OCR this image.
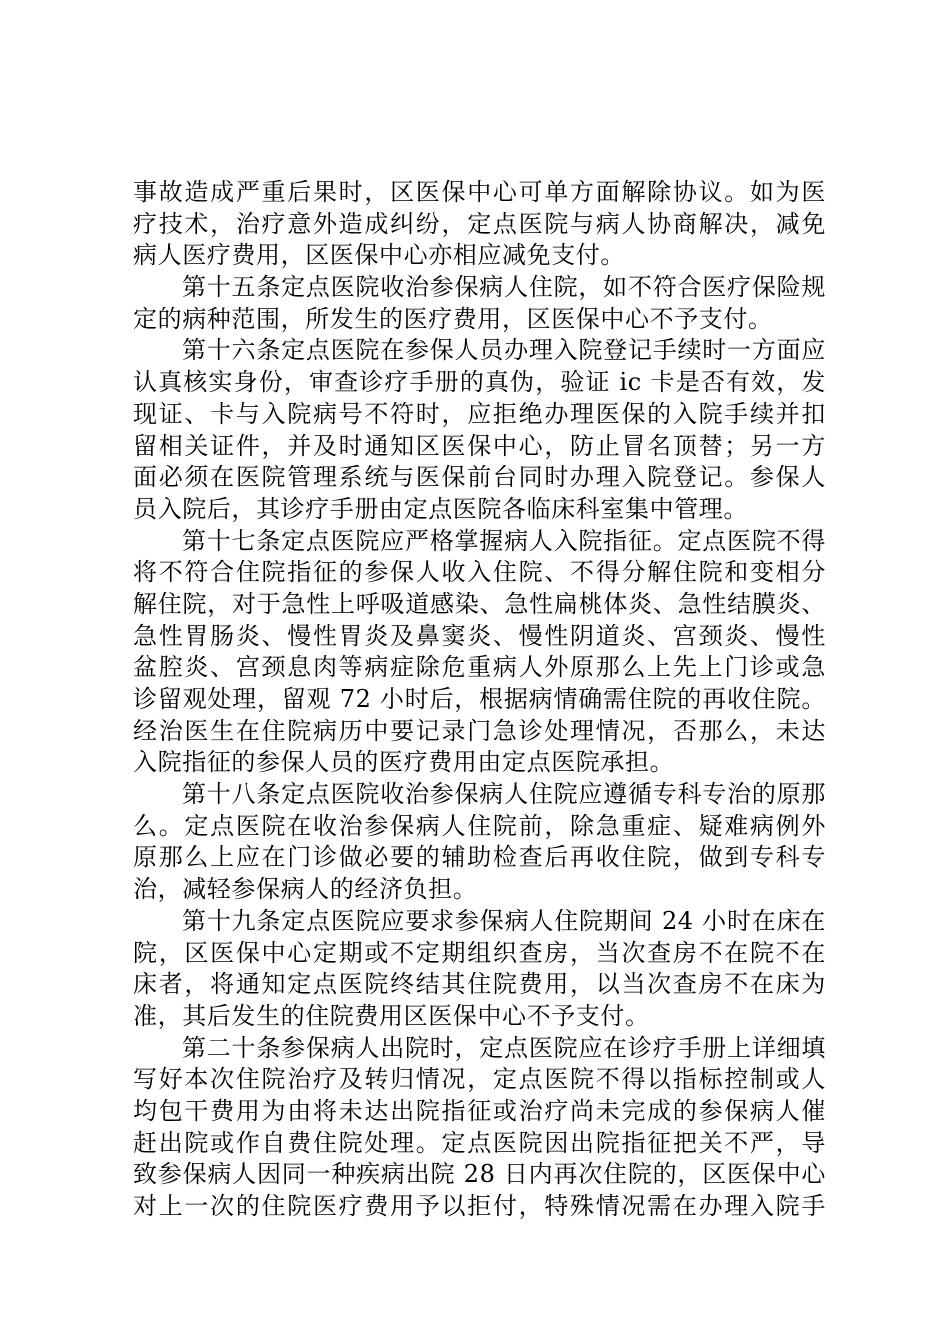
事故造成严重后果时，区医保中心可单方面解除协议。如为医
疗技术，治疗意外造成纠纷，定点医院与病人协商解决，减免
病人医疗费用，区医保中心亦相应减免支付。
第十五条定点医院收治参保病人住院，如不符合医疗保险规
定的病种范围，所发生的医疗费用，区医保中心不予支付。
第十六条定点医院在参保人员办理入院登记手续时一方面应
认真核实身份，审查诊疗手册的真伪，验证 ic 卡是否有效，发
现证、卡与入院病号不符时，应拒绝办理医保的入院手续并扣
留相关证件，并及时通知区医保中心，防止冒名顶替；另一方
面必须在医院管理系统与医保前台同时办理入院登记。参保人
员入院后，其诊疗手册由定点医院各临床科室集中管理。
第十七条定点医院应严格掌握病人入院指征。定点医院不得
将不符合住院指征的参保人收入住院、不得分解住院和变相分
解住院，对于急性上呼吸道感染、急性扁桃体炎、急性结膜炎、
急性胃肠炎、慢性胃炎及鼻窦炎、慢性阴道炎、宫颈炎、慢性
盆腔炎、宫颈息肉等病症除危重病人外原那么上先上门诊或急
诊留观处理，留观 72 小时后，根据病情确需住院的再收住院。
经治医生在住院病历中要记录门急诊处理情况，否那么，未达
入院指征的参保人员的医疗费用由定点医院承担。
第十八条定点医院收治参保病人住院应遵循专科专治的原那
么。定点医院在收治参保病人住院前，除急重症、疑难病例外
原那么上应在门诊做必要的辅助检查后再收住院，做到专科专
治，减轻参保病人的经济负担。
第十九条定点医院应要求参保病人住院期间 24 小时在床在
院，区医保中心定期或不定期组织查房，当次查房不在院不在
床者，将通知定点医院终结其住院费用，以当次查房不在床为
准，其后发生的住院费用区医保中心不予支付。
第二十条参保病人出院时，定点医院应在诊疗手册上详细填
写好本次住院治疗及转归情况，定点医院不得以指标控制或人
均包干费用为由将未达出院指征或治疗尚未完成的参保病人催
赶出院或作自费住院处理。定点医院因出院指征把关不严，导
致参保病人因同一种疾病出院 28 日内再次住院的，区医保中心
对上一次的住院医疗费用予以拒付，特殊情况需在办理入院手
